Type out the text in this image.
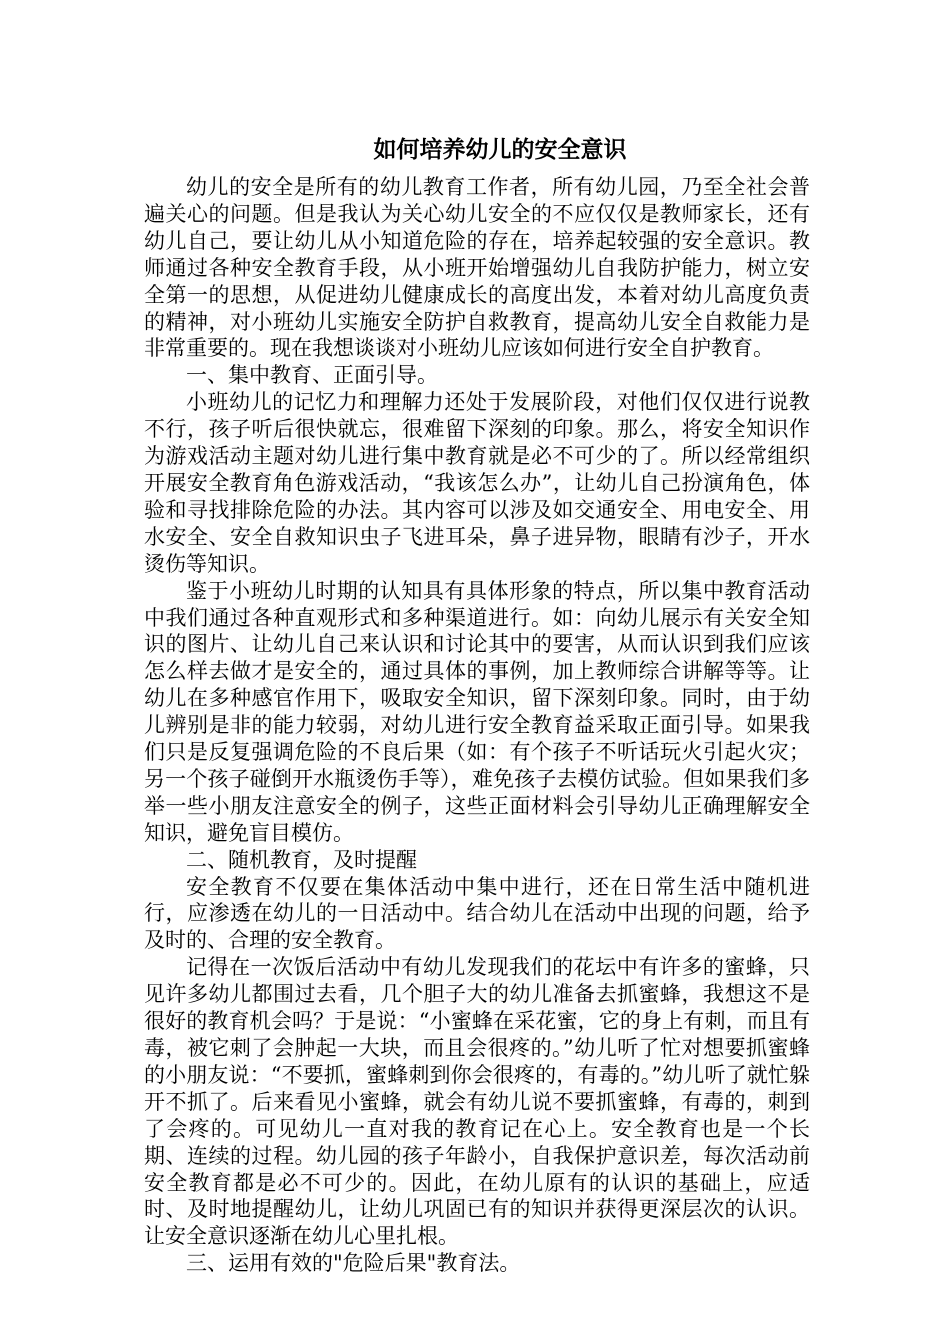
如何培养幼儿的安全意识

幼儿的安全是所有的幼儿教育工作者，所有幼儿园，乃至全社会普遍关心的问题。但是我认为关心幼儿安全的不应仅仅是教师家长，还有幼儿自己，要让幼儿从小知道危险的存在，培养起较强的安全意识。教师通过各种安全教育手段，从小班开始增强幼儿自我防护能力，树立安全第一的思想，从促进幼儿健康成长的高度出发，本着对幼儿高度负责的精神，对小班幼儿实施安全防护自救教育，提高幼儿安全自救能力是非常重要的。现在我想谈谈对小班幼儿应该如何进行安全自护教育。

一、集中教育、正面引导。

小班幼儿的记忆力和理解力还处于发展阶段，对他们仅仅进行说教不行，孩子听后很快就忘，很难留下深刻的印象。那么，将安全知识作为游戏活动主题对幼儿进行集中教育就是必不可少的了。所以经常组织开展安全教育角色游戏活动，“我该怎么办”，让幼儿自己扮演角色，体验和寻找排除危险的办法。其内容可以涉及如交通安全、用电安全、用水安全、安全自救知识虫子飞进耳朵，鼻子进异物，眼睛有沙子，开水烫伤等知识。

鉴于小班幼儿时期的认知具有具体形象的特点，所以集中教育活动中我们通过各种直观形式和多种渠道进行。如：向幼儿展示有关安全知识的图片、让幼儿自己来认识和讨论其中的要害，从而认识到我们应该怎么样去做才是安全的，通过具体的事例，加上教师综合讲解等等。让幼儿在多种感官作用下，吸取安全知识，留下深刻印象。同时，由于幼儿辨别是非的能力较弱，对幼儿进行安全教育益采取正面引导。如果我们只是反复强调危险的不良后果（如：有个孩子不听话玩火引起火灾；另一个孩子碰倒开水瓶烫伤手等），难免孩子去模仿试验。但如果我们多举一些小朋友注意安全的例子，这些正面材料会引导幼儿正确理解安全知识，避免盲目模仿。

二、随机教育，及时提醒

安全教育不仅要在集体活动中集中进行，还在日常生活中随机进行，应渗透在幼儿的一日活动中。结合幼儿在活动中出现的问题，给予及时的、合理的安全教育。

记得在一次饭后活动中有幼儿发现我们的花坛中有许多的蜜蜂，只见许多幼儿都围过去看，几个胆子大的幼儿准备去抓蜜蜂，我想这不是很好的教育机会吗？于是说：“小蜜蜂在采花蜜，它的身上有刺，而且有毒，被它刺了会肿起一大块，而且会很疼的。”幼儿听了忙对想要抓蜜蜂的小朋友说：“不要抓，蜜蜂刺到你会很疼的，有毒的。”幼儿听了就忙躲开不抓了。后来看见小蜜蜂，就会有幼儿说不要抓蜜蜂，有毒的，刺到了会疼的。可见幼儿一直对我的教育记在心上。安全教育也是一个长期、连续的过程。幼儿园的孩子年龄小，自我保护意识差，每次活动前安全教育都是必不可少的。因此，在幼儿原有的认识的基础上，应适时、及时地提醒幼儿，让幼儿巩固已有的知识并获得更深层次的认识。让安全意识逐渐在幼儿心里扎根。

三、运用有效的"危险后果"教育法。
